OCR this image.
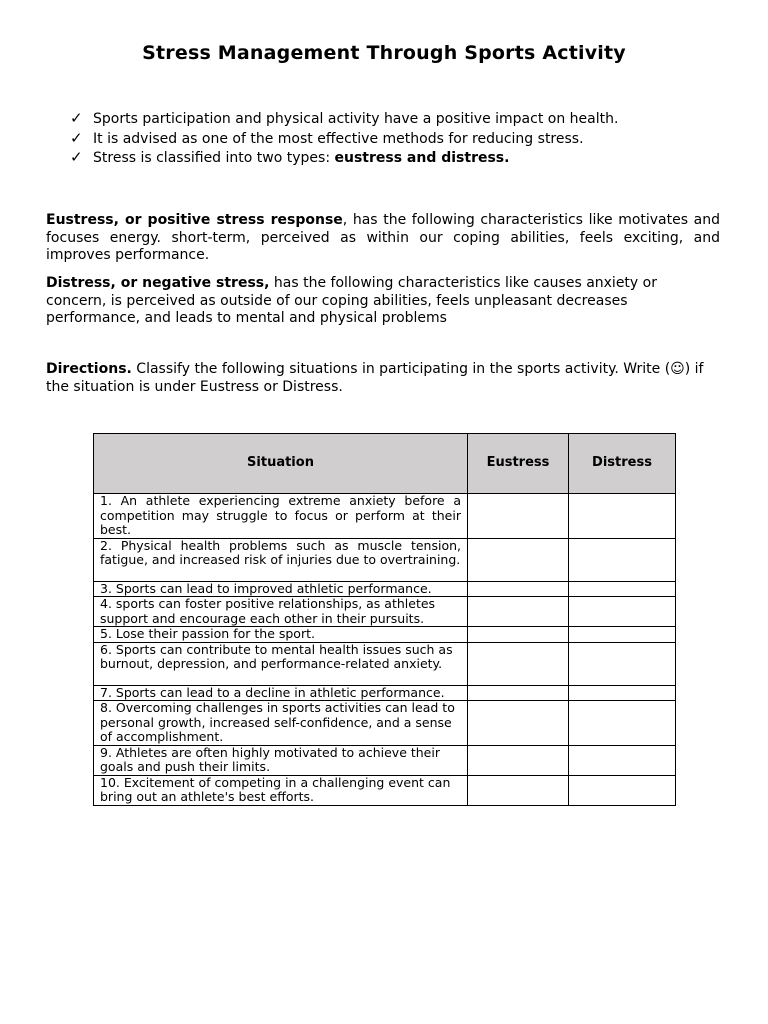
Stress Management Through Sports Activity
✓ Sports participation and physical activity have a positive impact on health.
✓ It is advised as one of the most effective methods for reducing stress.
✓ Stress is classified into two types: eustress and distress.

Eustress, or positive stress response, has the following characteristics like motivates and focuses energy. short-term, perceived as within our coping abilities, feels exciting, and improves performance.

Distress, or negative stress, has the following characteristics like causes anxiety or concern, is perceived as outside of our coping abilities, feels unpleasant decreases performance, and leads to mental and physical problems

Directions. Classify the following situations in participating in the sports activity. Write (☺) if the situation is under Eustress or Distress.

Situation	Eustress	Distress
1. An athlete experiencing extreme anxiety before a competition may struggle to focus or perform at their best.		
2. Physical health problems such as muscle tension, fatigue, and increased risk of injuries due to overtraining.		
3. Sports can lead to improved athletic performance.		
4. sports can foster positive relationships, as athletes support and encourage each other in their pursuits.		
5. Lose their passion for the sport.		
6. Sports can contribute to mental health issues such as burnout, depression, and performance-related anxiety.		
7. Sports can lead to a decline in athletic performance.		
8. Overcoming challenges in sports activities can lead to personal growth, increased self-confidence, and a sense of accomplishment.		
9. Athletes are often highly motivated to achieve their goals and push their limits.		
10. Excitement of competing in a challenging event can bring out an athlete's best efforts.		
